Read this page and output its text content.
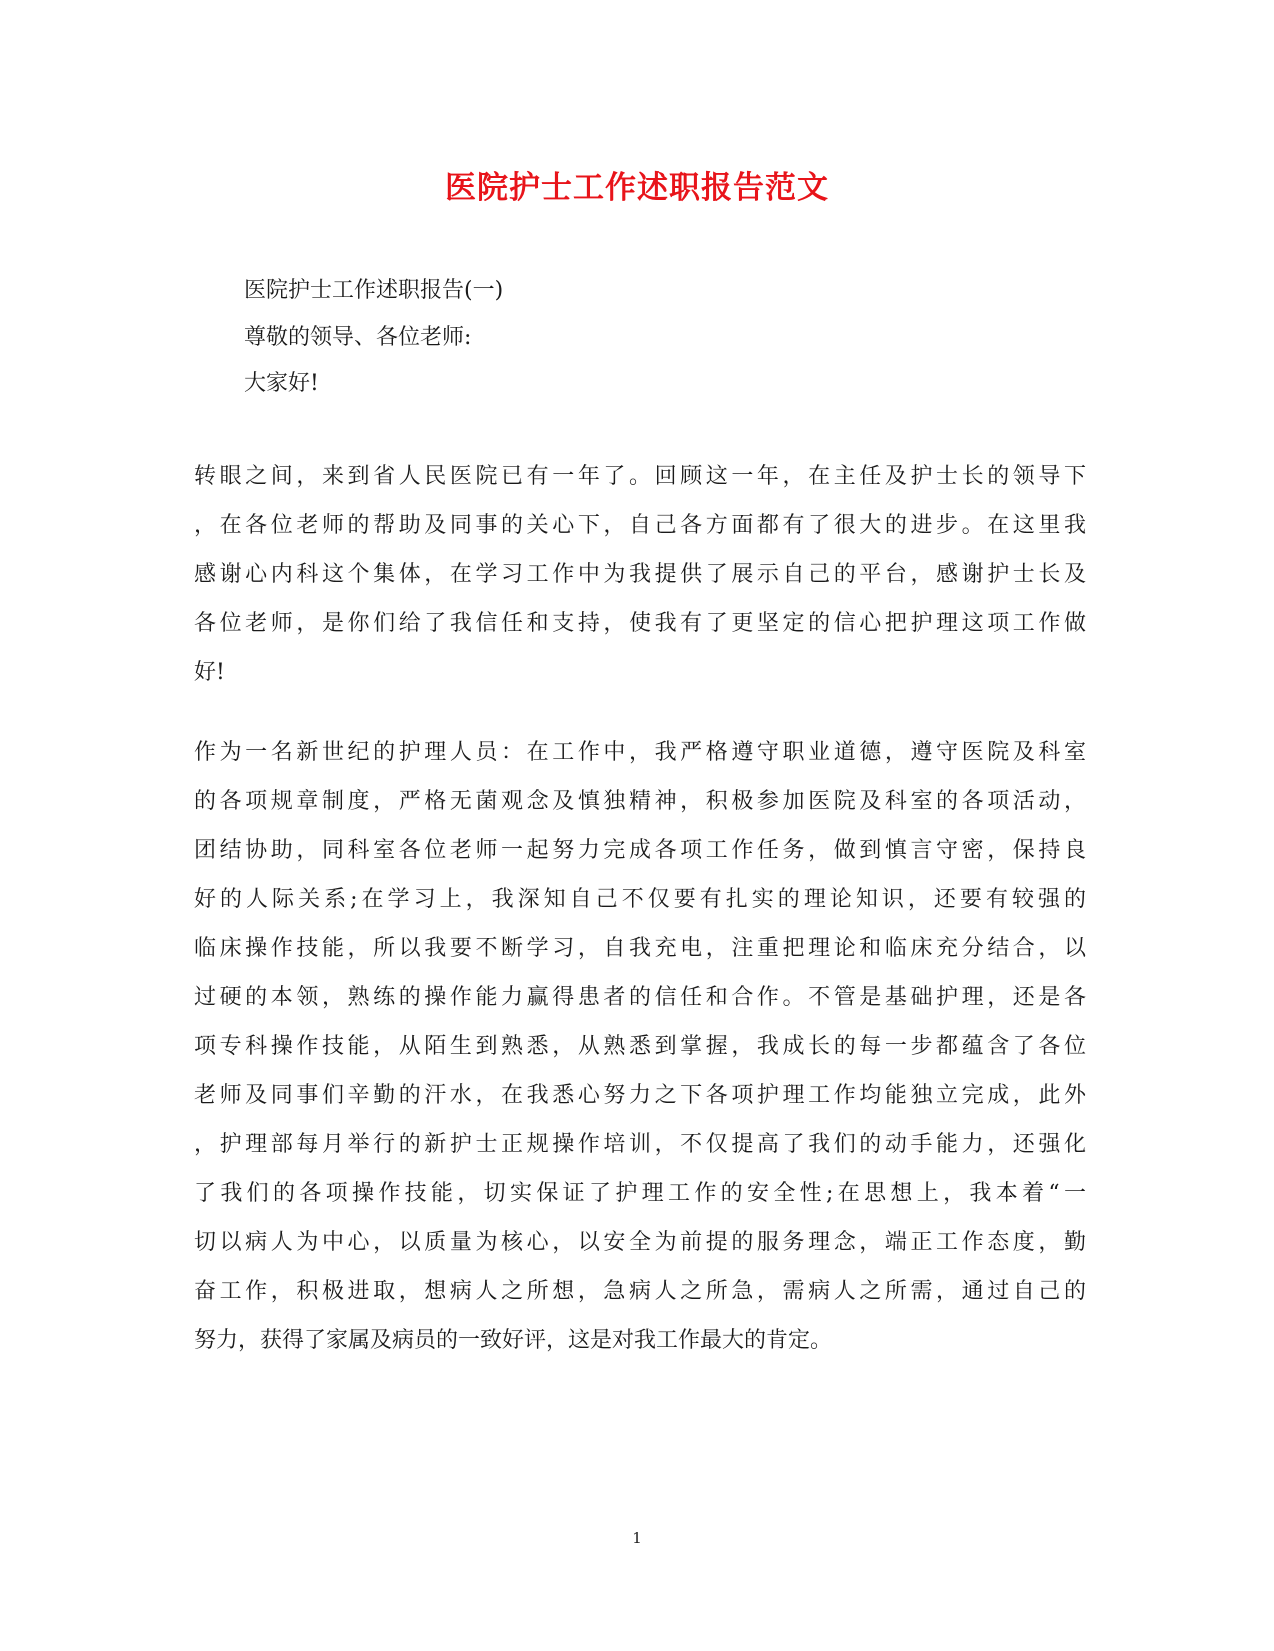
医院护士工作述职报告范文
医院护士工作述职报告(一)
尊敬的领导、各位老师:
大家好!
转眼之间，来到省人民医院已有一年了。回顾这一年，在主任及护士长的领导下
，在各位老师的帮助及同事的关心下，自己各方面都有了很大的进步。在这里我
感谢心内科这个集体，在学习工作中为我提供了展示自己的平台，感谢护士长及
各位老师，是你们给了我信任和支持，使我有了更坚定的信心把护理这项工作做
好!
作为一名新世纪的护理人员：在工作中，我严格遵守职业道德，遵守医院及科室
的各项规章制度，严格无菌观念及慎独精神，积极参加医院及科室的各项活动，
团结协助，同科室各位老师一起努力完成各项工作任务，做到慎言守密，保持良
好的人际关系;在学习上，我深知自己不仅要有扎实的理论知识，还要有较强的
临床操作技能，所以我要不断学习，自我充电，注重把理论和临床充分结合，以
过硬的本领，熟练的操作能力赢得患者的信任和合作。不管是基础护理，还是各
项专科操作技能，从陌生到熟悉，从熟悉到掌握，我成长的每一步都蕴含了各位
老师及同事们辛勤的汗水，在我悉心努力之下各项护理工作均能独立完成，此外
，护理部每月举行的新护士正规操作培训，不仅提高了我们的动手能力，还强化
了我们的各项操作技能，切实保证了护理工作的安全性;在思想上，我本着“一
切以病人为中心，以质量为核心，以安全为前提的服务理念，端正工作态度，勤
奋工作，积极进取，想病人之所想，急病人之所急，需病人之所需，通过自己的
努力，获得了家属及病员的一致好评，这是对我工作最大的肯定。
1
